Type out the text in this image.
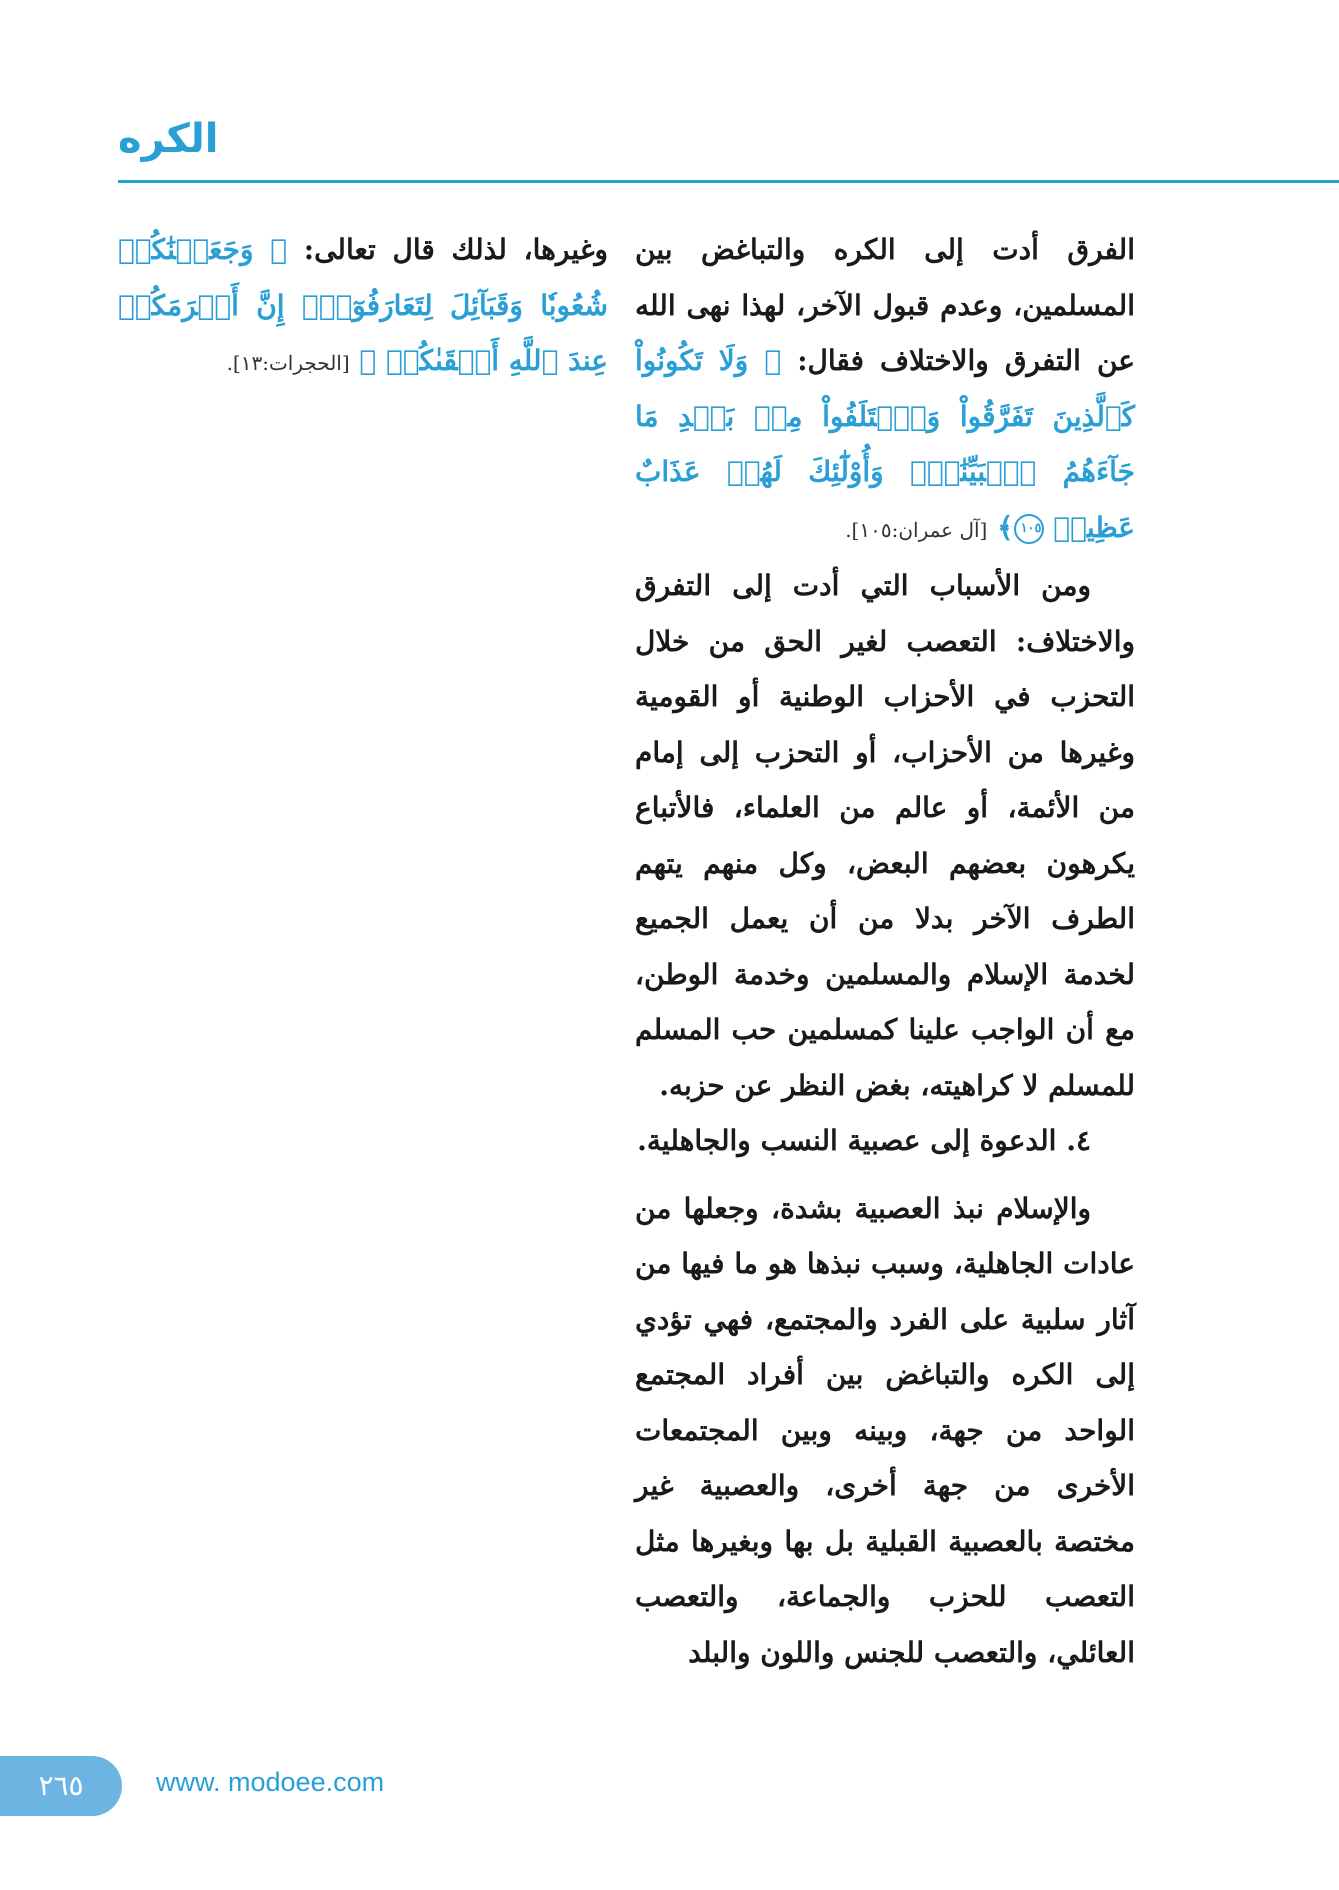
الكره

الفرق أدت إلى الكره والتباغض بين المسلمين، وعدم قبول الآخر، لهذا نهى الله عن التفرق والاختلاف فقال: ﴿ وَلَا تَكُونُواْ كَٱلَّذِينَ تَفَرَّقُواْ وَٱخۡتَلَفُواْ مِنۢ بَعۡدِ مَا جَآءَهُمُ ٱلۡبَيِّنَٰتُۚ وَأُوْلَٰٓئِكَ لَهُمۡ عَذَابٌ عَظِيمٞ ١٠٥﴾ [آل عمران:١٠٥].

ومن الأسباب التي أدت إلى التفرق والاختلاف: التعصب لغير الحق من خلال التحزب في الأحزاب الوطنية أو القومية وغيرها من الأحزاب، أو التحزب إلى إمام من الأئمة، أو عالم من العلماء، فالأتباع يكرهون بعضهم البعض، وكل منهم يتهم الطرف الآخر بدلا من أن يعمل الجميع لخدمة الإسلام والمسلمين وخدمة الوطن، مع أن الواجب علينا كمسلمين حب المسلم للمسلم لا كراهيته، بغض النظر عن حزبه.

٤. الدعوة إلى عصبية النسب والجاهلية.

والإسلام نبذ العصبية بشدة، وجعلها من عادات الجاهلية، وسبب نبذها هو ما فيها من آثار سلبية على الفرد والمجتمع، فهي تؤدي إلى الكره والتباغض بين أفراد المجتمع الواحد من جهة، وبينه وبين المجتمعات الأخرى من جهة أخرى، والعصبية غير مختصة بالعصبية القبلية بل بها وبغيرها مثل التعصب للحزب والجماعة، والتعصب العائلي، والتعصب للجنس واللون والبلد

وغيرها، لذلك قال تعالى: ﴿ وَجَعَلۡنَٰكُمۡ شُعُوبٗا وَقَبَآئِلَ لِتَعَارَفُوٓاْۚ إِنَّ أَكۡرَمَكُمۡ عِندَ ٱللَّهِ أَتۡقَىٰكُمۡ ﴾ [الحجرات:١٣].

٢٦٥	www. modoee.com
